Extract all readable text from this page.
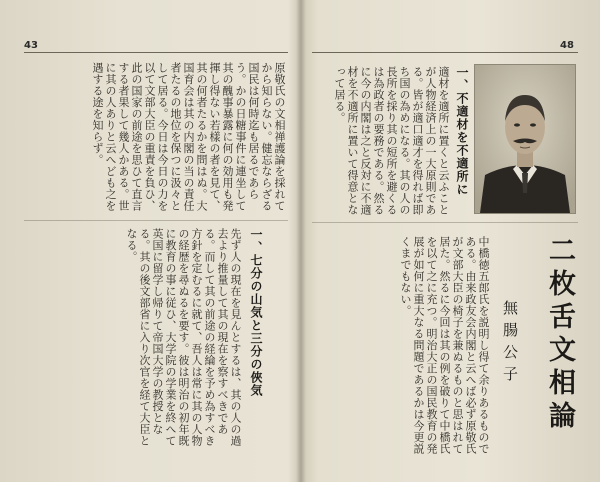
43
原敬氏の文相禅護論を採れてから知らない。健忘ならざる国民は何時迄も居るであらう。かの日糖事件に連坐して其の醜事暴露に何の効用も発揮し得ない若樣の者を見て、其の何者たるかを問はぬ。大国育会は其の内閣の当の責任者たるの地位を保つに汲々として居る。今日は今日の力を以て文部大臣の重責を負ひ、此の国家の前途を思ひて直言する者果して幾人かある。世に其の人ありと云へども之を遇する途を知らず。
一、七分の山気と三分の俠気
先ず人の現在を見んとするは、其の人の過去より推量して其の現在を察すべきである。而して其の前途の経綸を予め為すべき方針を定むるに就て、吾人は常に其の人物の経歴を尋ぬるを要す。彼は明治の初年既に教育の事に従ひ、大学院の学業を終へて英国に留学し帰りて帝国大学の教授となる。其の後文部省に入り次官を経て大臣となる。
48
一、不適材を不適所に
適材を適所に置くと云ふことが人物経済上の一大原則である。皆が適口適才を得れば即ち国の為めになる。其の人の長所を採り其の短所を避くるは為政者の要務である。然るに今の内閣は之と反対に不適材を不適所に置いて得意となって居る。
二枚舌文相論
無腸公子
中橋徳五郎氏を説明し得て余りあるものである。由来政友会内閣と云へば必ず原敬氏が文部大臣の椅子を兼ぬるものと思はれて居た。然るに今回は其の例を破りて中橋氏を以て之に充つ。明治大正の国民教育の発展が如何に重大なる問題であるかは今更説くまでもない。
